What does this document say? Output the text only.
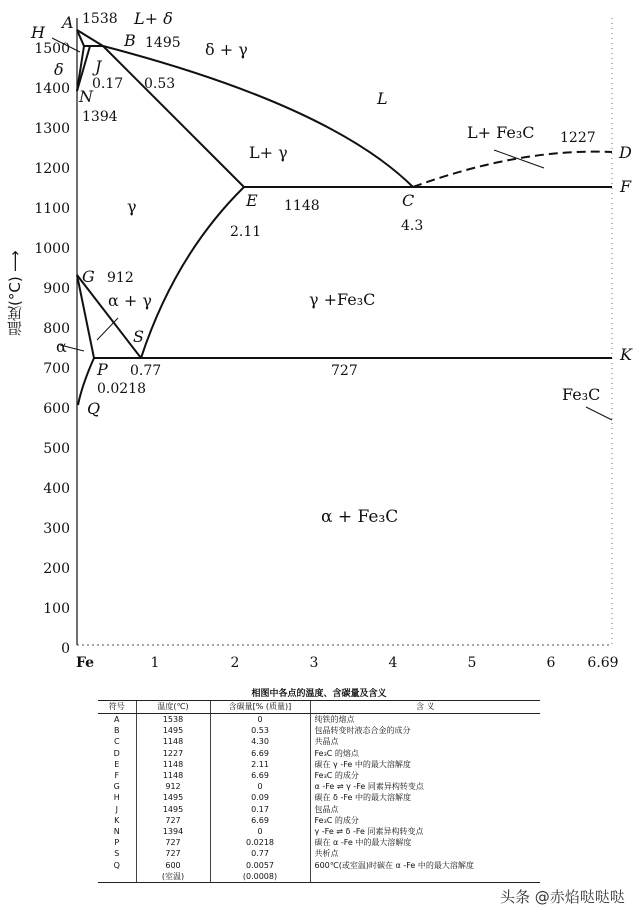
1500
1400
1300
1200
1100
1000
900
800
700
600
500
400
300
200
100
0
Fe	1	2	3	4	5	6 6.69
A
H	B
J
N
D
F
E	C
G
S
K
P
Q
1538
1495
0.17 0.53
1394
1227
1148
2.11	4.3
912
0.77	727
0.0218
L+ δ
δ + γ
δ
L
L+ Fe₃C
L+ γ
γ
γ +Fe₃C
α + γ
α
Fe₃C
α + Fe₃C
温度(°C) ⟶
相图中各点的温度、含碳量及含义
符号	温度(℃)	含碳量[% (质量)]	含 义
A	1538	0	纯铁的熔点
B	1495	0.53	包晶转变时液态合金的成分
C	1148	4.30	共晶点
D	1227	6.69	Fe₃C 的熔点
E	1148	2.11	碳在 γ -Fe 中的最大溶解度
F	1148	6.69	Fe₃C 的成分
G	912	0	α -Fe ⇌ γ -Fe 同素异构转变点
H	1495	0.09	碳在 δ -Fe 中的最大溶解度
J	1495	0.17	包晶点
K	727	6.69	Fe₃C 的成分
N	1394	0	γ -Fe ⇌ δ -Fe 同素异构转变点
P	727	0.0218	碳在 α -Fe 中的最大溶解度
S	727	0.77	共析点
Q	600	0.0057	600℃(或室温)时碳在 α -Fe 中的最大溶解度
	(室温)	(0.0008)	
头条 @赤焰哒哒哒
